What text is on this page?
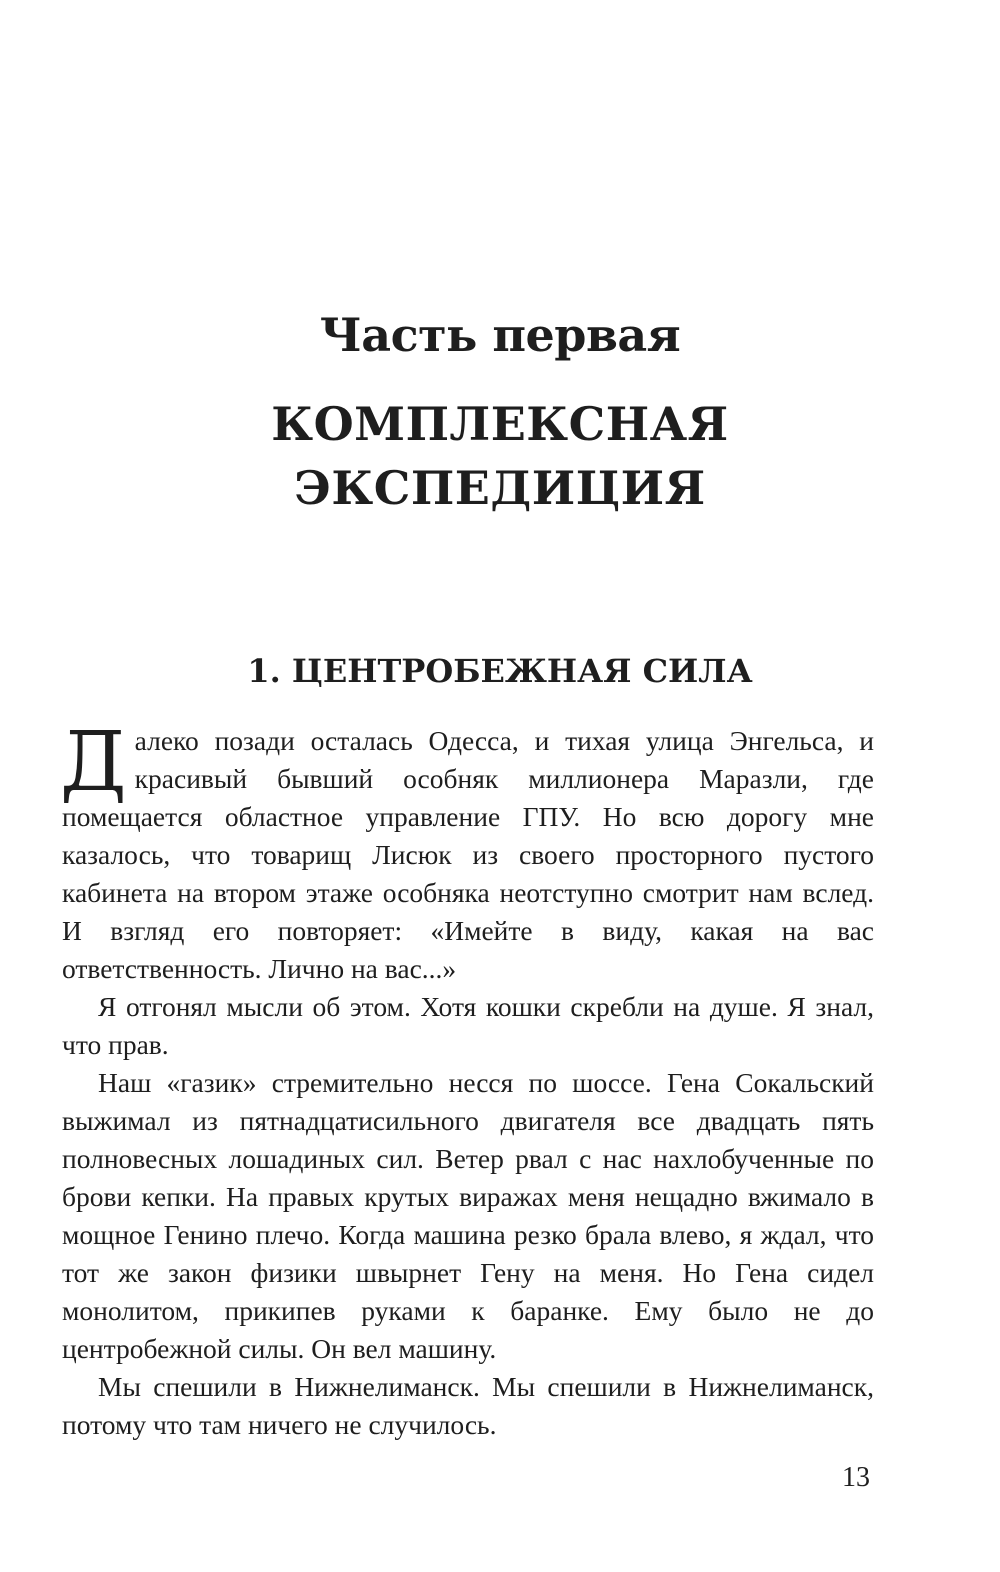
Часть первая
КОМПЛЕКСНАЯ
ЭКСПЕДИЦИЯ
1. ЦЕНТРОБЕЖНАЯ СИЛА

Далеко позади осталась Одесса, и тихая улица Энгельса, и красивый бывший особняк миллионера Маразли, где помещается областное управление ГПУ. Но всю дорогу мне казалось, что товарищ Лисюк из своего просторного пустого кабинета на втором этаже особняка неотступно смотрит нам вслед. И взгляд его повторяет: «Имейте в виду, какая на вас ответственность. Лично на вас...»

Я отгонял мысли об этом. Хотя кошки скребли на душе. Я знал, что прав.

Наш «газик» стремительно несся по шоссе. Гена Сокальский выжимал из пятнадцатисильного двигателя все двадцать пять полновесных лошадиных сил. Ветер рвал с нас нахлобученные по брови кепки. На правых крутых виражах меня нещадно вжимало в мощное Генино плечо. Когда машина резко брала влево, я ждал, что тот же закон физики швырнет Гену на меня. Но Гена сидел монолитом, прикипев руками к баранке. Ему было не до центробежной силы. Он вел машину.

Мы спешили в Нижнелиманск. Мы спешили в Нижнелиманск, потому что там ничего не случилось.

13
